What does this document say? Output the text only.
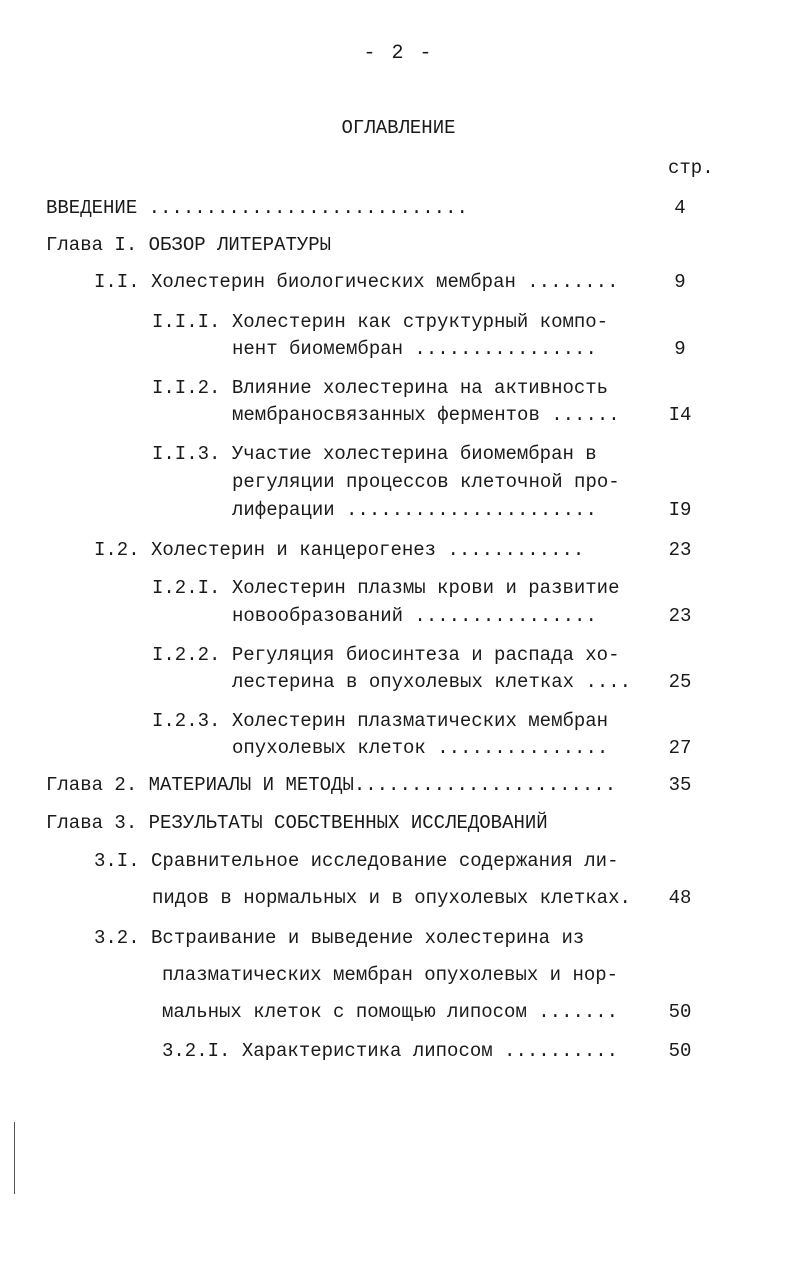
- 2 -
ОГЛАВЛЕНИЕ
стр.
ВВЕДЕНИЕ ............................	4
Глава I. ОБЗОР ЛИТЕРАТУРЫ
I.I. Холестерин биологических мембран ........	9
I.I.I. Холестерин как структурный компо-
нент биомембран ................	9
I.I.2. Влияние холестерина на активность
мембраносвязанных ферментов ......	I4
I.I.3. Участие холестерина биомембран в
регуляции процессов клеточной про-
лиферации ......................	I9
I.2. Холестерин и канцерогенез ............	23
I.2.I. Холестерин плазмы крови и развитие
новообразований ................	23
I.2.2. Регуляция биосинтеза и распада хо-
лестерина в опухолевых клетках ....	25
I.2.3. Холестерин плазматических мембран
опухолевых клеток ...............	27
Глава 2. МАТЕРИАЛЫ И МЕТОДЫ.......................	35
Глава 3. РЕЗУЛЬТАТЫ СОБСТВЕННЫХ ИССЛЕДОВАНИЙ
3.I. Сравнительное исследование содержания ли-
пидов в нормальных и в опухолевых клетках.	48
3.2. Встраивание и выведение холестерина из
плазматических мембран опухолевых и нор-
мальных клеток с помощью липосом .......	50
3.2.I. Характеристика липосом ..........	50
